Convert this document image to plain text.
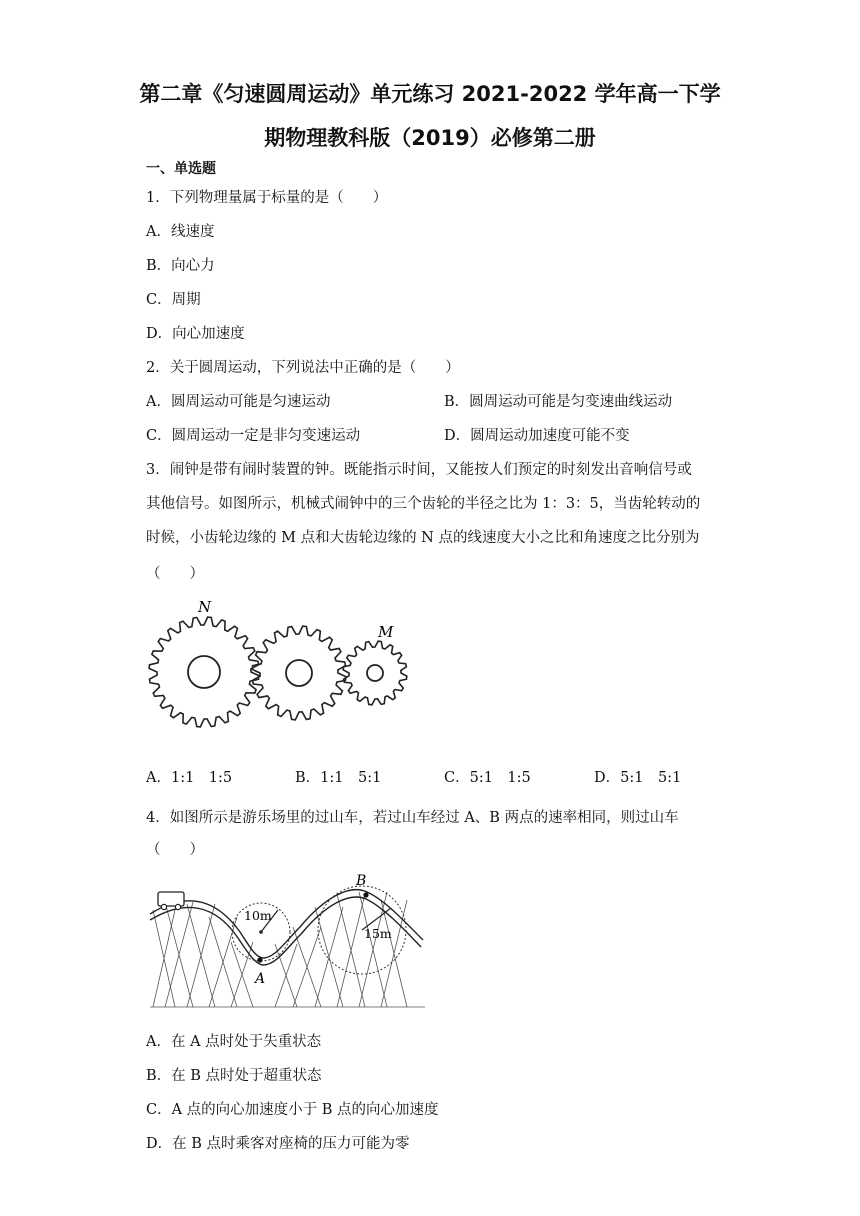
第二章《匀速圆周运动》单元练习 2021-2022 学年高一下学
期物理教科版（2019）必修第二册
一、单选题
1．下列物理量属于标量的是（　　）
A．线速度
B．向心力
C．周期
D．向心加速度
2．关于圆周运动，下列说法中正确的是（　　）
A．圆周运动可能是匀速运动	B．圆周运动可能是匀变速曲线运动
C．圆周运动一定是非匀变速运动	D．圆周运动加速度可能不变
3．闹钟是带有闹时装置的钟。既能指示时间，又能按人们预定的时刻发出音响信号或
其他信号。如图所示，机械式闹钟中的三个齿轮的半径之比为 1：3：5，当齿轮转动的
时候，小齿轮边缘的 M 点和大齿轮边缘的 N 点的线速度大小之比和角速度之比分别为
（　　）
N
M
A．1:1　1:5	B．1:1　5:1	C．5:1　1:5	D．5:1　5:1
4．如图所示是游乐场里的过山车，若过山车经过 A、B 两点的速率相同，则过山车
（　　）
B
10m
15m
A
A．在 A 点时处于失重状态
B．在 B 点时处于超重状态
C．A 点的向心加速度小于 B 点的向心加速度
D．在 B 点时乘客对座椅的压力可能为零
